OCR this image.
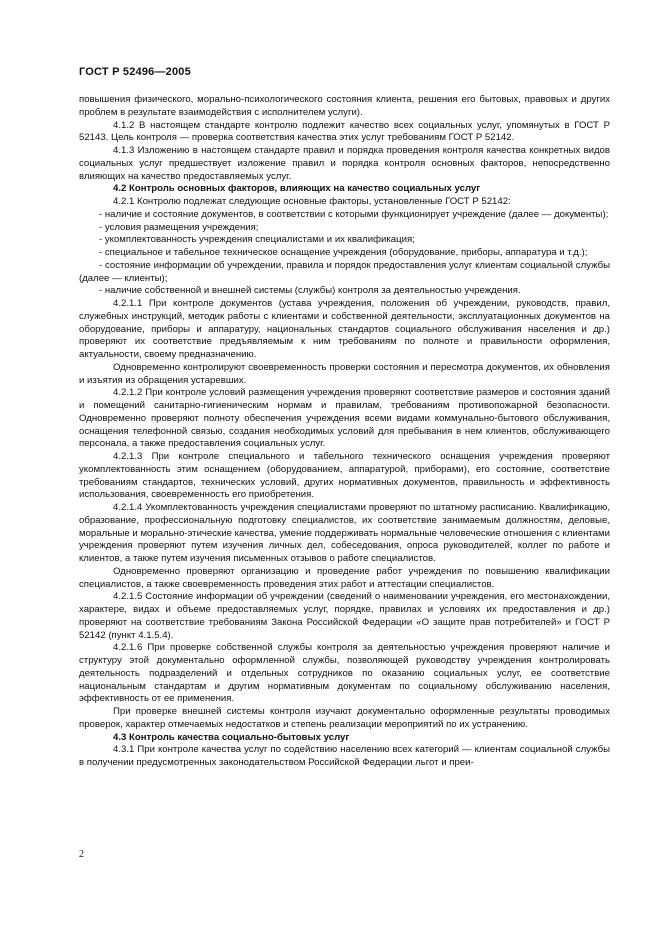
ГОСТ Р 52496—2005

повышения физического, морально-психологического состояния клиента, решения его бытовых, правовых и других проблем в результате взаимодействия с исполнителем услуги).

4.1.2 В настоящем стандарте контролю подлежит качество всех социальных услуг, упомянутых в ГОСТ Р 52143. Цель контроля — проверка соответствия качества этих услуг требованиям ГОСТ Р 52142.

4.1.3 Изложению в настоящем стандарте правил и порядка проведения контроля качества конкретных видов социальных услуг предшествует изложение правил и порядка контроля основных факторов, непосредственно влияющих на качество предоставляемых услуг.

4.2 Контроль основных факторов, влияющих на качество социальных услуг

4.2.1 Контролю подлежат следующие основные факторы, установленные ГОСТ Р 52142:

- наличие и состояние документов, в соответствии с которыми функционирует учреждение (далее — документы);

- условия размещения учреждения;

- укомплектованность учреждения специалистами и их квалификация;

- специальное и табельное техническое оснащение учреждения (оборудование, приборы, аппаратура и т.д.);

- состояние информации об учреждении, правила и порядок предоставления услуг клиентам социальной службы (далее — клиенты);

- наличие собственной и внешней системы (службы) контроля за деятельностью учреждения.

4.2.1.1 При контроле документов (устава учреждения, положения об учреждении, руководств, правил, служебных инструкций, методик работы с клиентами и собственной деятельности, эксплуатационных документов на оборудование, приборы и аппаратуру, национальных стандартов социального обслуживания населения и др.) проверяют их соответствие предъявляемым к ним требованиям по полноте и правильности оформления, актуальности, своему предназначению.

Одновременно контролируют своевременность проверки состояния и пересмотра документов, их обновления и изъятия из обращения устаревших.

4.2.1.2 При контроле условий размещения учреждения проверяют соответствие размеров и состояния зданий и помещений санитарно-гигиеническим нормам и правилам, требованиям противопожарной безопасности. Одновременно проверяют полноту обеспечения учреждения всеми видами коммунально-бытового обслуживания, оснащения телефонной связью, создания необходимых условий для пребывания в нем клиентов, обслуживающего персонала, а также предоставления социальных услуг.

4.2.1.3 При контроле специального и табельного технического оснащения учреждения проверяют укомплектованность этим оснащением (оборудованием, аппаратурой, приборами), его состояние, соответствие требованиям стандартов, технических условий, других нормативных документов, правильность и эффективность использования, своевременность его приобретения.

4.2.1.4 Укомплектованность учреждения специалистами проверяют по штатному расписанию. Квалификацию, образование, профессиональную подготовку специалистов, их соответствие занимаемым должностям, деловые, моральные и морально-этические качества, умение поддерживать нормальные человеческие отношения с клиентами учреждения проверяют путем изучения личных дел, собеседования, опроса руководителей, коллег по работе и клиентов, а также путем изучения письменных отзывов о работе специалистов.

Одновременно проверяют организацию и проведение работ учреждения по повышению квалификации специалистов, а также своевременность проведения этих работ и аттестации специалистов.

4.2.1.5 Состояние информации об учреждении (сведений о наименовании учреждения, его местонахождении, характере, видах и объеме предоставляемых услуг, порядке, правилах и условиях их предоставления и др.) проверяют на соответствие требованиям Закона Российской Федерации «О защите прав потребителей» и ГОСТ Р 52142 (пункт 4.1.5.4).

4.2.1.6 При проверке собственной службы контроля за деятельностью учреждения проверяют наличие и структуру этой документально оформленной службы, позволяющей руководству учреждения контролировать деятельность подразделений и отдельных сотрудников по оказанию социальных услуг, ее соответствие национальным стандартам и другим нормативным документам по социальному обслуживанию населения, эффективность от ее применения.

При проверке внешней системы контроля изучают документально оформленные результаты проводимых проверок, характер отмечаемых недостатков и степень реализации мероприятий по их устранению.

4.3 Контроль качества социально-бытовых услуг

4.3.1 При контроле качества услуг по содействию населению всех категорий — клиентам социальной службы в получении предусмотренных законодательством Российской Федерации льгот и преи-

2
